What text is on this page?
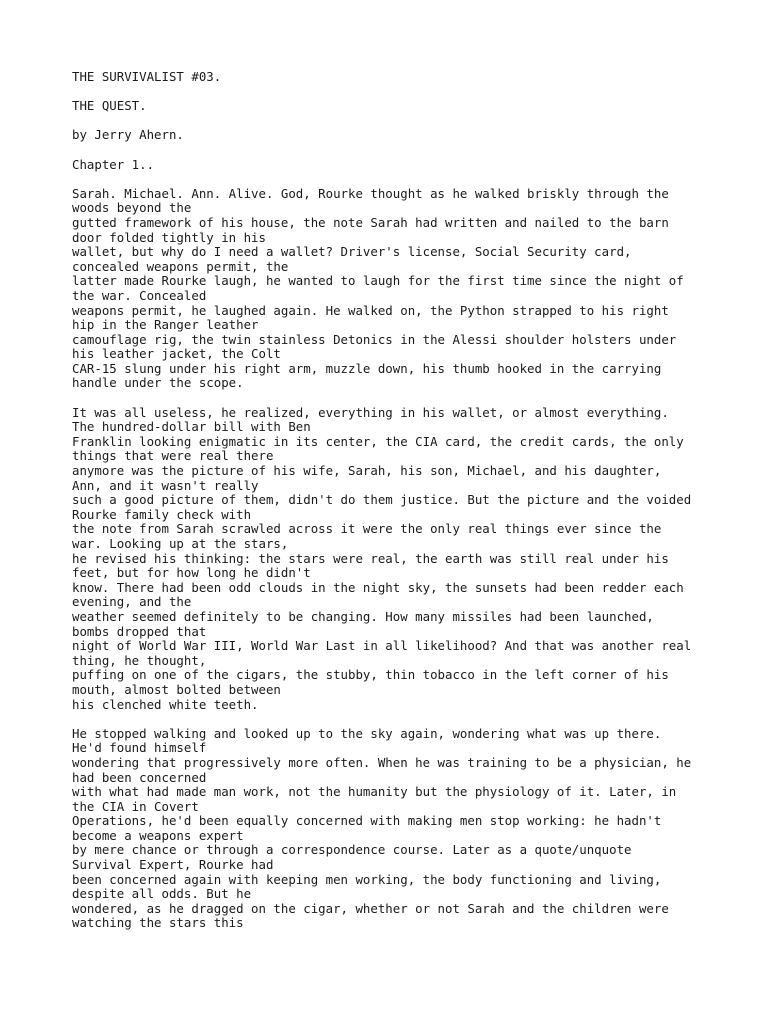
THE SURVIVALIST #03.

THE QUEST.

by Jerry Ahern.

Chapter 1..

Sarah. Michael. Ann. Alive. God, Rourke thought as he walked briskly through the
woods beyond the
gutted framework of his house, the note Sarah had written and nailed to the barn
door folded tightly in his
wallet, but why do I need a wallet? Driver's license, Social Security card,
concealed weapons permit, the
latter made Rourke laugh, he wanted to laugh for the first time since the night of
the war. Concealed
weapons permit, he laughed again. He walked on, the Python strapped to his right
hip in the Ranger leather
camouflage rig, the twin stainless Detonics in the Alessi shoulder holsters under
his leather jacket, the Colt
CAR-15 slung under his right arm, muzzle down, his thumb hooked in the carrying
handle under the scope.
It was all useless, he realized, everything in his wallet, or almost everything.
The hundred-dollar bill with Ben
Franklin looking enigmatic in its center, the CIA card, the credit cards, the only
things that were real there
anymore was the picture of his wife, Sarah, his son, Michael, and his daughter,
Ann, and it wasn't really
such a good picture of them, didn't do them justice. But the picture and the voided
Rourke family check with
the note from Sarah scrawled across it were the only real things ever since the
war. Looking up at the stars,
he revised his thinking: the stars were real, the earth was still real under his
feet, but for how long he didn't
know. There had been odd clouds in the night sky, the sunsets had been redder each
evening, and the
weather seemed definitely to be changing. How many missiles had been launched,
bombs dropped that
night of World War III, World War Last in all likelihood? And that was another real
thing, he thought,
puffing on one of the cigars, the stubby, thin tobacco in the left corner of his
mouth, almost bolted between
his clenched white teeth.
He stopped walking and looked up to the sky again, wondering what was up there.
He'd found himself
wondering that progressively more often. When he was training to be a physician, he
had been concerned
with what had made man work, not the humanity but the physiology of it. Later, in
the CIA in Covert
Operations, he'd been equally concerned with making men stop working: he hadn't
become a weapons expert
by mere chance or through a correspondence course. Later as a quote/unquote
Survival Expert, Rourke had
been concerned again with keeping men working, the body functioning and living,
despite all odds. But he
wondered, as he dragged on the cigar, whether or not Sarah and the children were
watching the stars this
